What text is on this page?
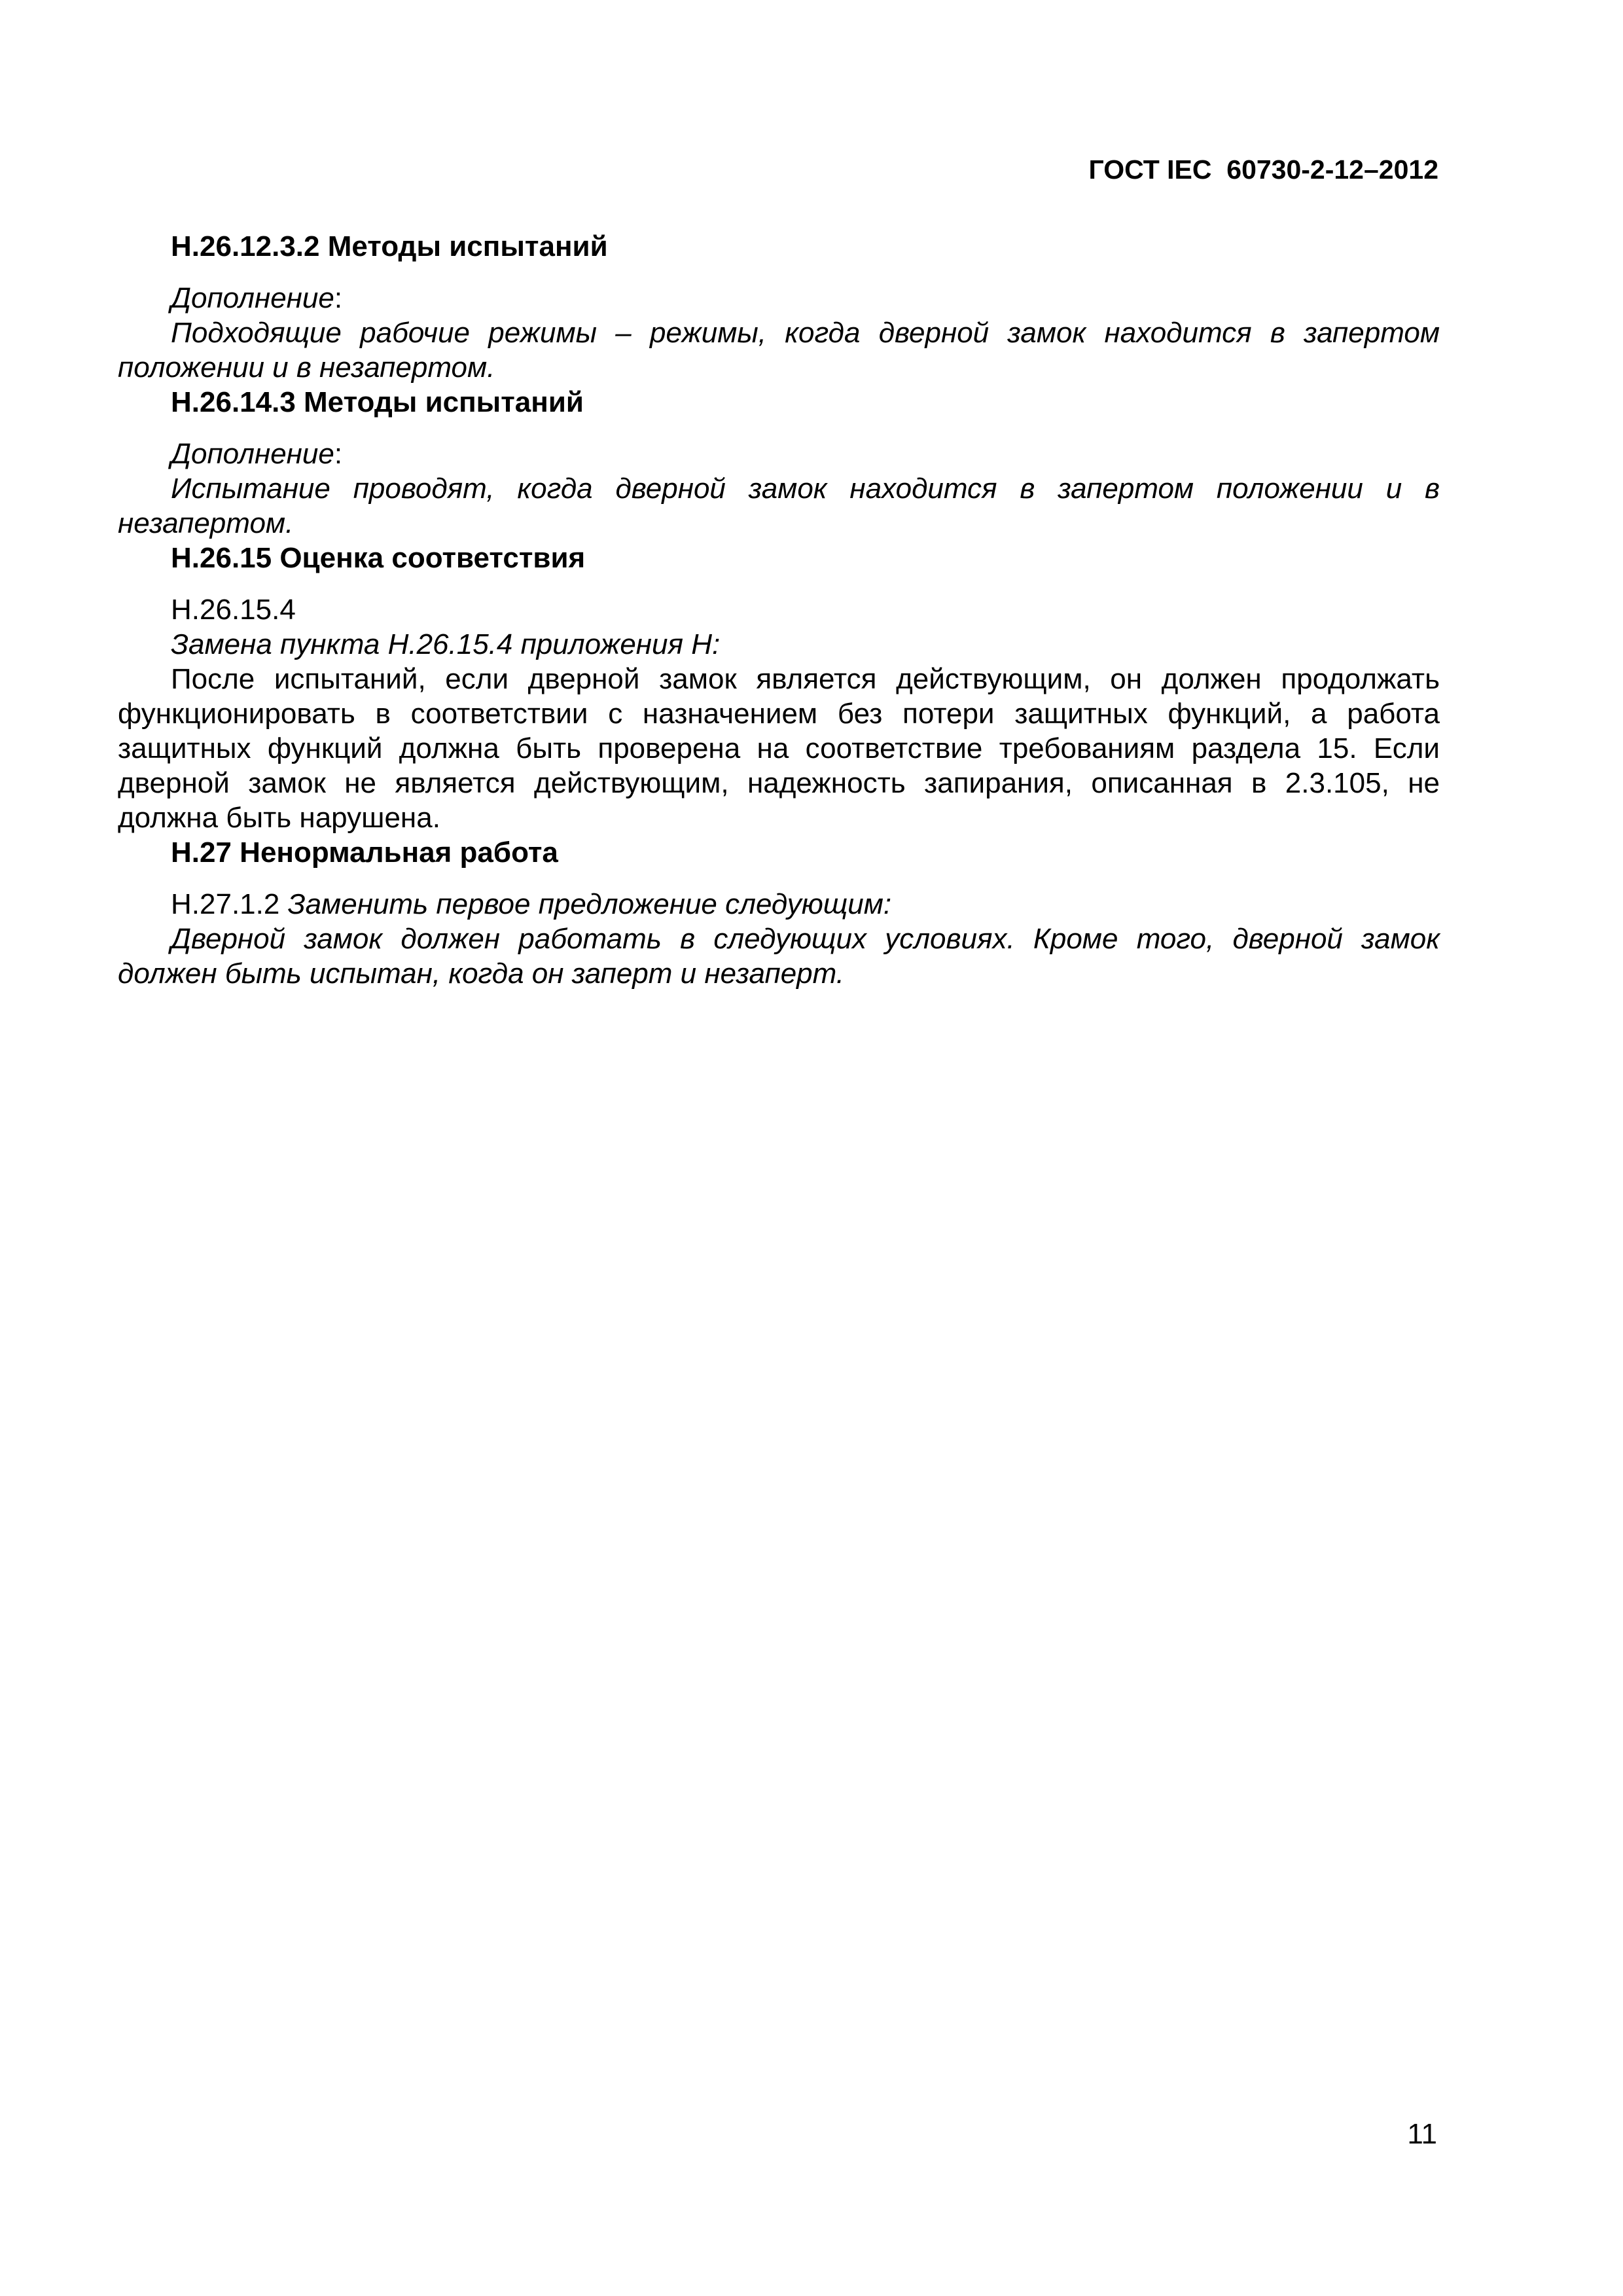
ГОСТ IEC  60730-2-12–2012

H.26.12.3.2 Методы испытаний

Дополнение:

Подходящие рабочие режимы – режимы, когда дверной замок находится в запертом положении и в незапертом.

H.26.14.3 Методы испытаний

Дополнение:

Испытание проводят, когда дверной замок находится в запертом положении и в незапертом.

H.26.15 Оценка соответствия

H.26.15.4

Замена пункта H.26.15.4 приложения H:

После испытаний, если дверной замок является действующим, он должен продолжать функционировать в соответствии с назначением без потери защитных функций, а работа защитных функций должна быть проверена на соответствие требованиям раздела 15. Если дверной замок не является действующим, надежность запирания, описанная в 2.3.105, не должна быть нарушена.

H.27 Ненормальная работа

H.27.1.2 Заменить первое предложение следующим:

Дверной замок должен работать в следующих условиях. Кроме того, дверной замок должен быть испытан, когда он заперт и незаперт.

11
